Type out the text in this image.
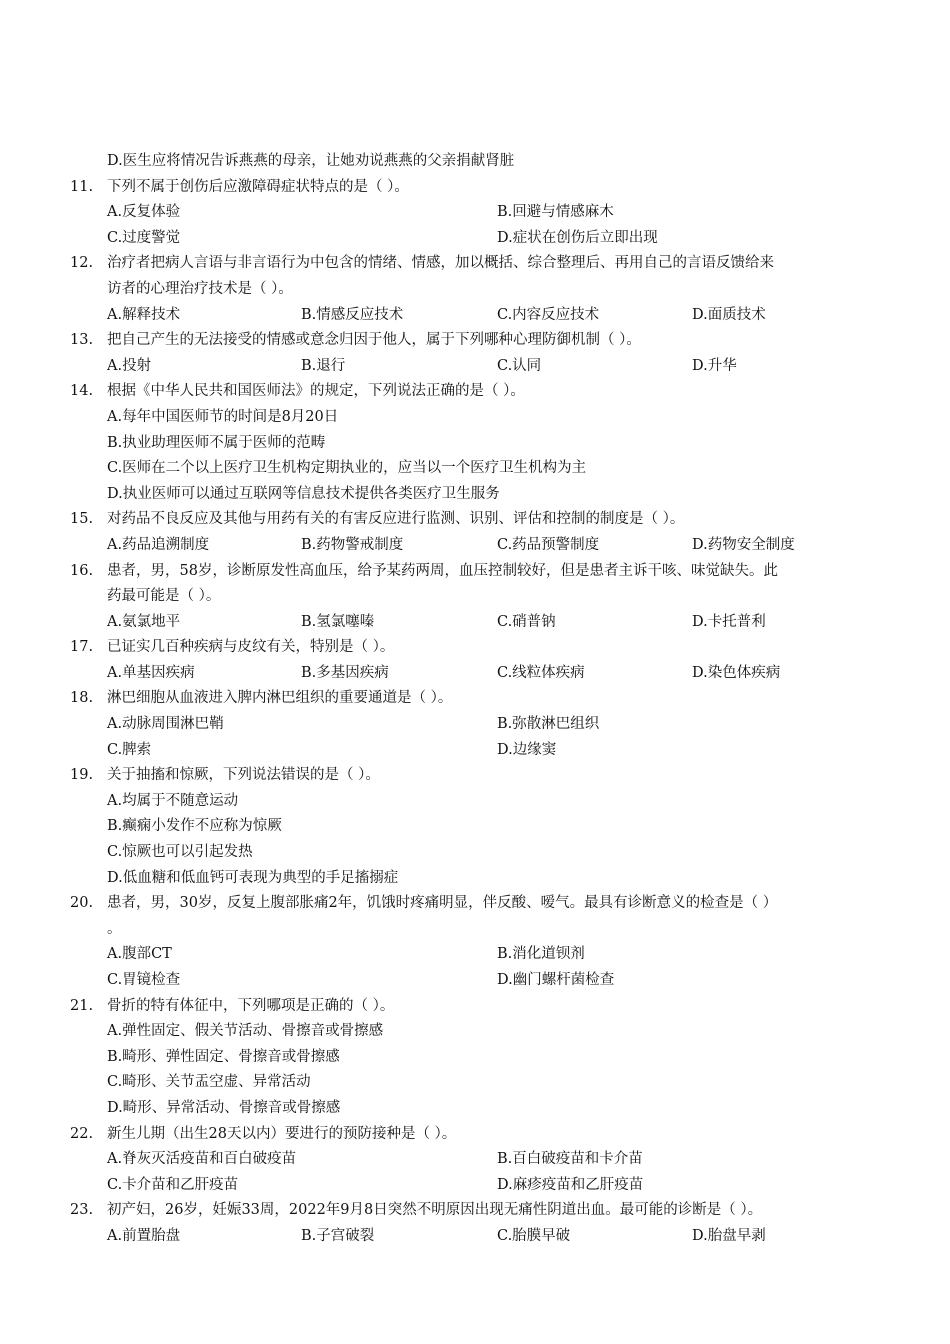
D.医生应将情况告诉燕燕的母亲，让她劝说燕燕的父亲捐献肾脏
11. 下列不属于创伤后应激障碍症状特点的是（ ）。
A.反复体验	B.回避与情感麻木
C.过度警觉	D.症状在创伤后立即出现
12. 治疗者把病人言语与非言语行为中包含的情绪、情感，加以概括、综合整理后、再用自己的言语反馈给来
访者的心理治疗技术是（ ）。
A.解释技术	B.情感反应技术	C.内容反应技术	D.面质技术
13. 把自己产生的无法接受的情感或意念归因于他人，属于下列哪种心理防御机制（ ）。
A.投射	B.退行	C.认同	D.升华
14. 根据《中华人民共和国医师法》的规定，下列说法正确的是（ ）。
A.每年中国医师节的时间是8月20日
B.执业助理医师不属于医师的范畴
C.医师在二个以上医疗卫生机构定期执业的，应当以一个医疗卫生机构为主
D.执业医师可以通过互联网等信息技术提供各类医疗卫生服务
15. 对药品不良反应及其他与用药有关的有害反应进行监测、识别、评估和控制的制度是（ ）。
A.药品追溯制度	B.药物警戒制度	C.药品预警制度	D.药物安全制度
16. 患者，男，58岁，诊断原发性高血压，给予某药两周，血压控制较好，但是患者主诉干咳、味觉缺失。此
药最可能是（ ）。
A.氨氯地平	B.氢氯噻嗪	C.硝普钠	D.卡托普利
17. 已证实几百种疾病与皮纹有关，特别是（ ）。
A.单基因疾病	B.多基因疾病	C.线粒体疾病	D.染色体疾病
18. 淋巴细胞从血液进入脾内淋巴组织的重要通道是（ ）。
A.动脉周围淋巴鞘	B.弥散淋巴组织
C.脾索	D.边缘窦
19. 关于抽搐和惊厥，下列说法错误的是（ ）。
A.均属于不随意运动
B.癫痫小发作不应称为惊厥
C.惊厥也可以引起发热
D.低血糖和低血钙可表现为典型的手足搐搦症
20. 患者，男，30岁，反复上腹部胀痛2年，饥饿时疼痛明显，伴反酸、嗳气。最具有诊断意义的检查是（ ）
。
A.腹部CT	B.消化道钡剂
C.胃镜检查	D.幽门螺杆菌检查
21. 骨折的特有体征中，下列哪项是正确的（ ）。
A.弹性固定、假关节活动、骨擦音或骨擦感
B.畸形、弹性固定、骨擦音或骨擦感
C.畸形、关节盂空虚、异常活动
D.畸形、异常活动、骨擦音或骨擦感
22. 新生儿期（出生28天以内）要进行的预防接种是（ ）。
A.脊灰灭活疫苗和百白破疫苗	B.百白破疫苗和卡介苗
C.卡介苗和乙肝疫苗	D.麻疹疫苗和乙肝疫苗
23. 初产妇，26岁，妊娠33周，2022年9月8日突然不明原因出现无痛性阴道出血。最可能的诊断是（ ）。
A.前置胎盘	B.子宫破裂	C.胎膜早破	D.胎盘早剥
